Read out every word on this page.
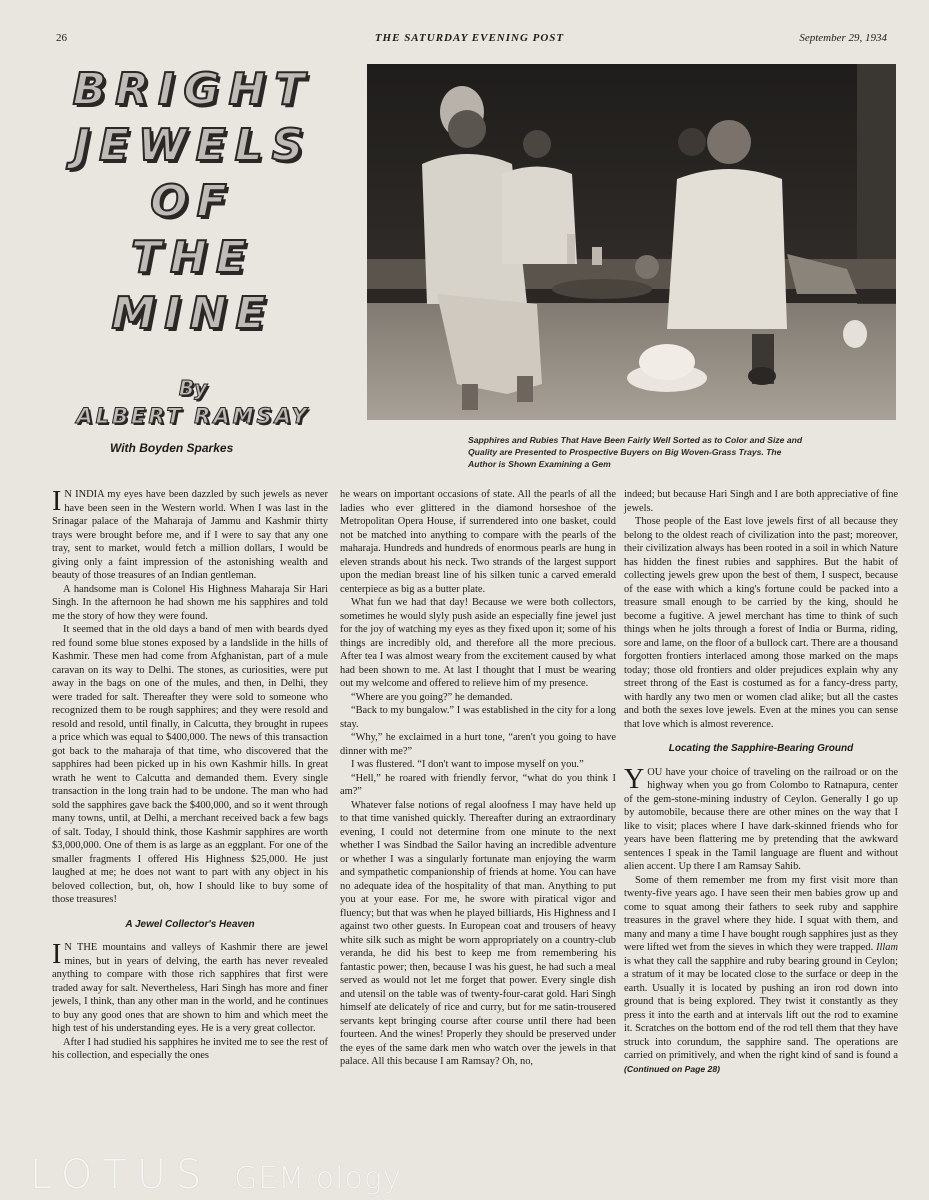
26	THE SATURDAY EVENING POST	September 29, 1934
BRIGHT
JEWELS
OF
THE
MINE
By
ALBERT RAMSAY
With Boyden Sparkes
Sapphires and Rubies That Have Been Fairly Well Sorted as to Color and Size and Quality are Presented to Prospective Buyers on Big Woven-Grass Trays. The Author is Shown Examining a Gem

I N INDIA my eyes have been dazzled by such jewels as never have been seen in the Western world. When I was last in the Srinagar palace of the Maharaja of Jammu and Kashmir thirty trays were brought before me, and if I were to say that any one tray, sent to market, would fetch a million dollars, I would be giving only a faint impression of the astonishing wealth and beauty of those treasures of an Indian gentleman.

A handsome man is Colonel His Highness Maharaja Sir Hari Singh. In the afternoon he had shown me his sapphires and told me the story of how they were found.

It seemed that in the old days a band of men with beards dyed red found some blue stones exposed by a landslide in the hills of Kashmir. These men had come from Afghanistan, part of a mule caravan on its way to Delhi. The stones, as curiosities, were put away in the bags on one of the mules, and then, in Delhi, they were traded for salt. Thereafter they were sold to someone who recognized them to be rough sapphires; and they were resold and resold and resold, until finally, in Calcutta, they brought in rupees a price which was equal to $400,000. The news of this transaction got back to the maharaja of that time, who discovered that the sapphires had been picked up in his own Kashmir hills. In great wrath he went to Calcutta and demanded them. Every single transaction in the long train had to be undone. The man who had sold the sapphires gave back the $400,000, and so it went through many towns, until, at Delhi, a merchant received back a few bags of salt. Today, I should think, those Kashmir sapphires are worth $3,000,000. One of them is as large as an eggplant. For one of the smaller fragments I offered His Highness $25,000. He just laughed at me; he does not want to part with any object in his beloved collection, but, oh, how I should like to buy some of those treasures!

A Jewel Collector's Heaven

I N THE mountains and valleys of Kashmir there are jewel mines, but in years of delving, the earth has never revealed anything to compare with those rich sapphires that first were traded away for salt. Nevertheless, Hari Singh has more and finer jewels, I think, than any other man in the world, and he continues to buy any good ones that are shown to him and which meet the high test of his understanding eyes. He is a very great collector.

After I had studied his sapphires he invited me to see the rest of his collection, and especially the ones

he wears on important occasions of state. All the pearls of all the ladies who ever glittered in the diamond horseshoe of the Metropolitan Opera House, if surrendered into one basket, could not be matched into anything to compare with the pearls of the maharaja. Hundreds and hundreds of enormous pearls are hung in eleven strands about his neck. Two strands of the largest support upon the median breast line of his silken tunic a carved emerald centerpiece as big as a butter plate.

What fun we had that day! Because we were both collectors, sometimes he would slyly push aside an especially fine jewel just for the joy of watching my eyes as they fixed upon it; some of his things are incredibly old, and therefore all the more precious. After tea I was almost weary from the excitement caused by what had been shown to me. At last I thought that I must be wearing out my welcome and offered to relieve him of my presence.

“Where are you going?” he demanded.

“Back to my bungalow.” I was established in the city for a long stay.

“Why,” he exclaimed in a hurt tone, “aren't you going to have dinner with me?”

I was flustered. “I don't want to impose myself on you.”

“Hell,” he roared with friendly fervor, “what do you think I am?”

Whatever false notions of regal aloofness I may have held up to that time vanished quickly. Thereafter during an extraordinary evening, I could not determine from one minute to the next whether I was Sindbad the Sailor having an incredible adventure or whether I was a singularly fortunate man enjoying the warm and sympathetic companionship of friends at home. You can have no adequate idea of the hospitality of that man. Anything to put you at your ease. For me, he swore with piratical vigor and fluency; but that was when he played billiards, His Highness and I against two other guests. In European coat and trousers of heavy white silk such as might be worn appropriately on a country-club veranda, he did his best to keep me from remembering his fantastic power; then, because I was his guest, he had such a meal served as would not let me forget that power. Every single dish and utensil on the table was of twenty-four-carat gold. Hari Singh himself ate delicately of rice and curry, but for me satin-trousered servants kept bringing course after course until there had been fourteen. And the wines! Properly they should be preserved under the eyes of the same dark men who watch over the jewels in that palace. All this because I am Ramsay? Oh, no,

indeed; but because Hari Singh and I are both appreciative of fine jewels.

Those people of the East love jewels first of all because they belong to the oldest reach of civilization into the past; moreover, their civilization always has been rooted in a soil in which Nature has hidden the finest rubies and sapphires. But the habit of collecting jewels grew upon the best of them, I suspect, because of the ease with which a king's fortune could be packed into a treasure small enough to be carried by the king, should he become a fugitive. A jewel merchant has time to think of such things when he jolts through a forest of India or Burma, riding, sore and lame, on the floor of a bullock cart. There are a thousand forgotten frontiers interlaced among those marked on the maps today; those old frontiers and older prejudices explain why any street throng of the East is costumed as for a fancy-dress party, with hardly any two men or women clad alike; but all the castes and both the sexes love jewels. Even at the mines you can sense that love which is almost reverence.

Locating the Sapphire-Bearing Ground

YOU have your choice of traveling on the railroad or on the highway when you go from Colombo to Ratnapura, center of the gem-stone-mining industry of Ceylon. Generally I go up by automobile, because there are other mines on the way that I like to visit; places where I have dark-skinned friends who for years have been flattering me by pretending that the awkward sentences I speak in the Tamil language are fluent and without alien accent. Up there I am Ramsay Sahib.

Some of them remember me from my first visit more than twenty-five years ago. I have seen their men babies grow up and come to squat among their fathers to seek ruby and sapphire treasures in the gravel where they hide. I squat with them, and many and many a time I have bought rough sapphires just as they were lifted wet from the sieves in which they were trapped. Illam is what they call the sapphire and ruby bearing ground in Ceylon; a stratum of it may be located close to the surface or deep in the earth. Usually it is located by pushing an iron rod down into ground that is being explored. They twist it constantly as they press it into the earth and at intervals lift out the rod to examine it. Scratches on the bottom end of the rod tell them that they have struck into corundum, the sapphire sand. The operations are carried on primitively, and when the right kind of sand is found a (Continued on Page 28)

LOTUS GEM·ology
